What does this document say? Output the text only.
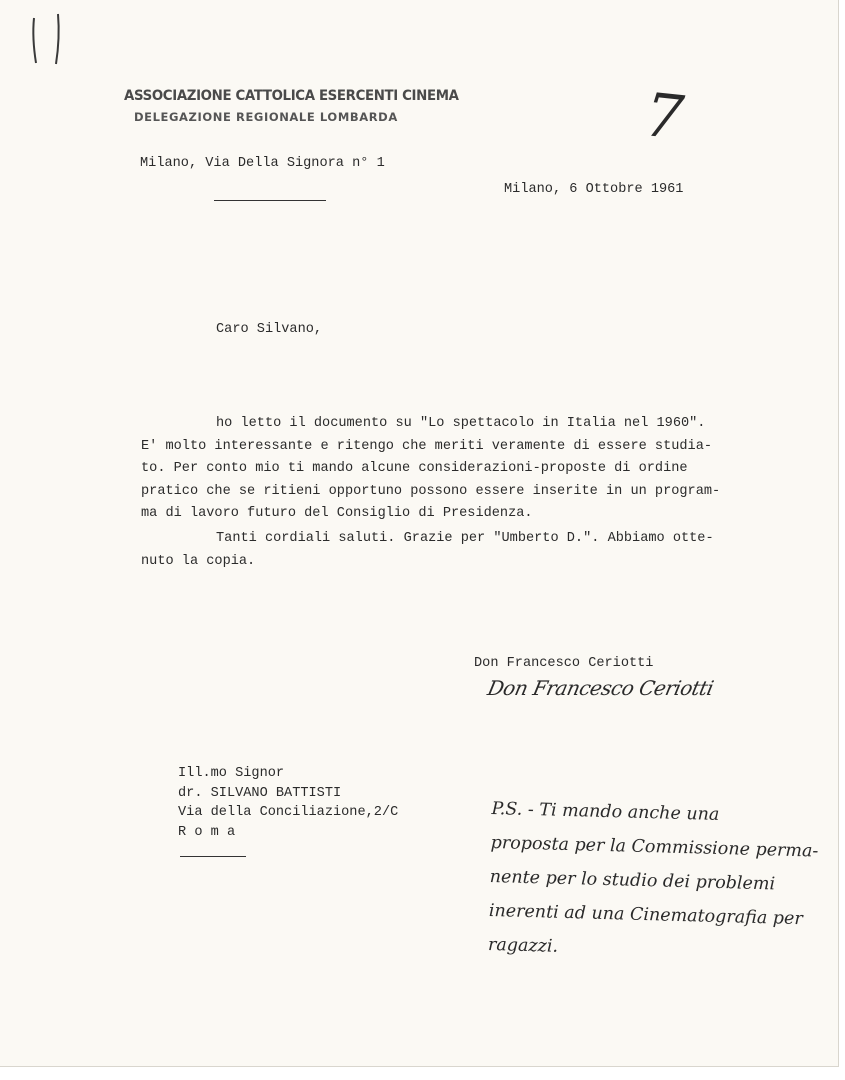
ASSOCIAZIONE CATTOLICA ESERCENTI CINEMA
DELEGAZIONE REGIONALE LOMBARDA
Milano, Via Della Signora n° 1
7
Milano, 6 Ottobre 1961
Caro Silvano,
ho letto il documento su "Lo spettacolo in Italia nel 1960".
E' molto interessante e ritengo che meriti veramente di essere studia-
to. Per conto mio ti mando alcune considerazioni-proposte di ordine
pratico che se ritieni opportuno possono essere inserite in un program-
ma di lavoro futuro del Consiglio di Presidenza.
Tanti cordiali saluti. Grazie per "Umberto D.". Abbiamo otte-
nuto la copia.
Don Francesco Ceriotti
Don Francesco Ceriotti
Ill.mo Signor
dr. SILVANO BATTISTI
Via della Conciliazione,2/C
R o m a
P.S. - Ti mando anche una
proposta per la Commissione perma-
nente per lo studio dei problemi
inerenti ad una Cinematografia per
ragazzi.
